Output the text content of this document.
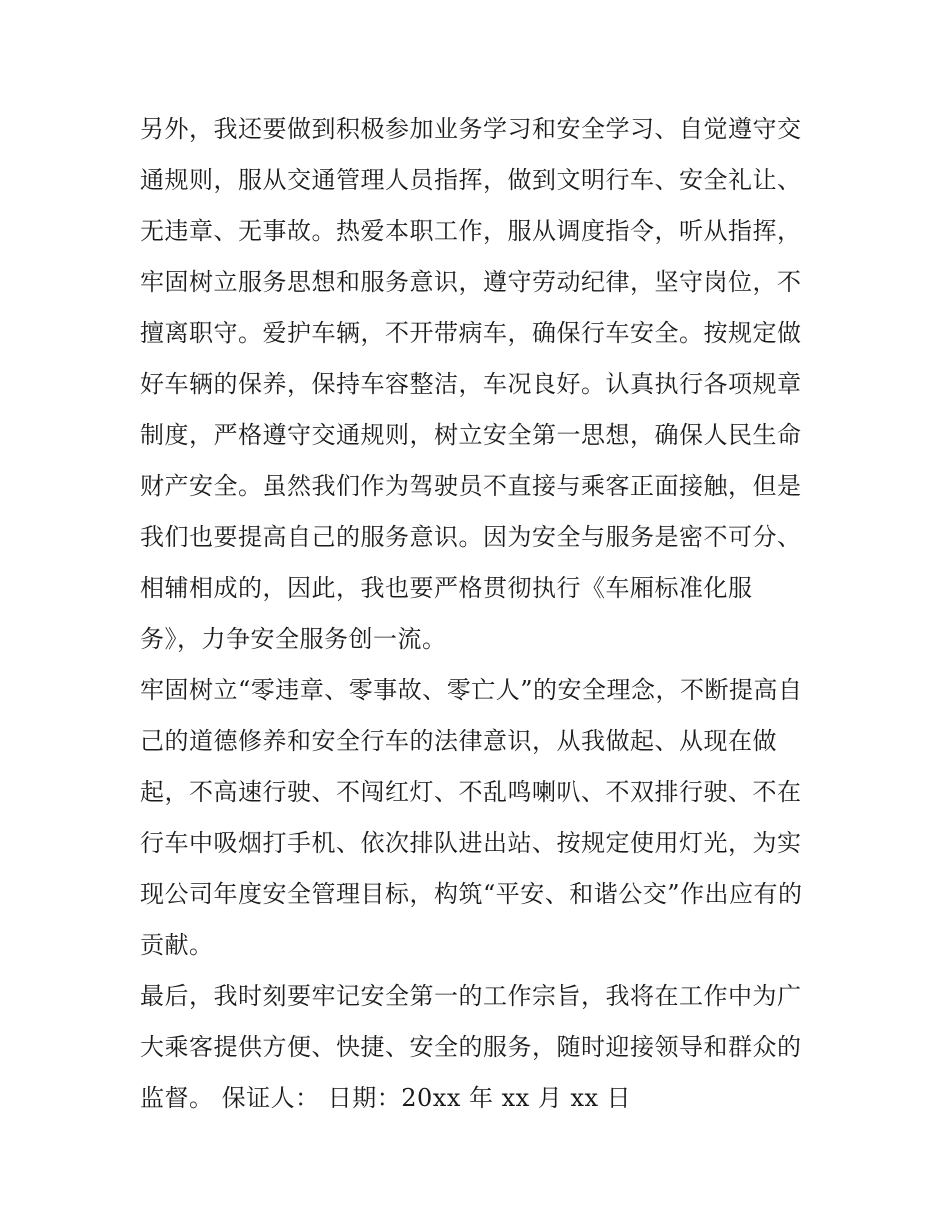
另外，我还要做到积极参加业务学习和安全学习、自觉遵守交
通规则，服从交通管理人员指挥，做到文明行车、安全礼让、
无违章、无事故。热爱本职工作，服从调度指令，听从指挥，
牢固树立服务思想和服务意识，遵守劳动纪律，坚守岗位，不
擅离职守。爱护车辆，不开带病车，确保行车安全。按规定做
好车辆的保养，保持车容整洁，车况良好。认真执行各项规章
制度，严格遵守交通规则，树立安全第一思想，确保人民生命
财产安全。虽然我们作为驾驶员不直接与乘客正面接触，但是
我们也要提高自己的服务意识。因为安全与服务是密不可分、
相辅相成的，因此，我也要严格贯彻执行《车厢标准化服
务》，力争安全服务创一流。
牢固树立“零违章、零事故、零亡人”的安全理念，不断提高自
己的道德修养和安全行车的法律意识，从我做起、从现在做
起，不高速行驶、不闯红灯、不乱鸣喇叭、不双排行驶、不在
行车中吸烟打手机、依次排队进出站、按规定使用灯光，为实
现公司年度安全管理目标，构筑“平安、和谐公交”作出应有的
贡献。
最后，我时刻要牢记安全第一的工作宗旨，我将在工作中为广
大乘客提供方便、快捷、安全的服务，随时迎接领导和群众的
监督。 保证人： 日期：20xx 年 xx 月 xx 日
